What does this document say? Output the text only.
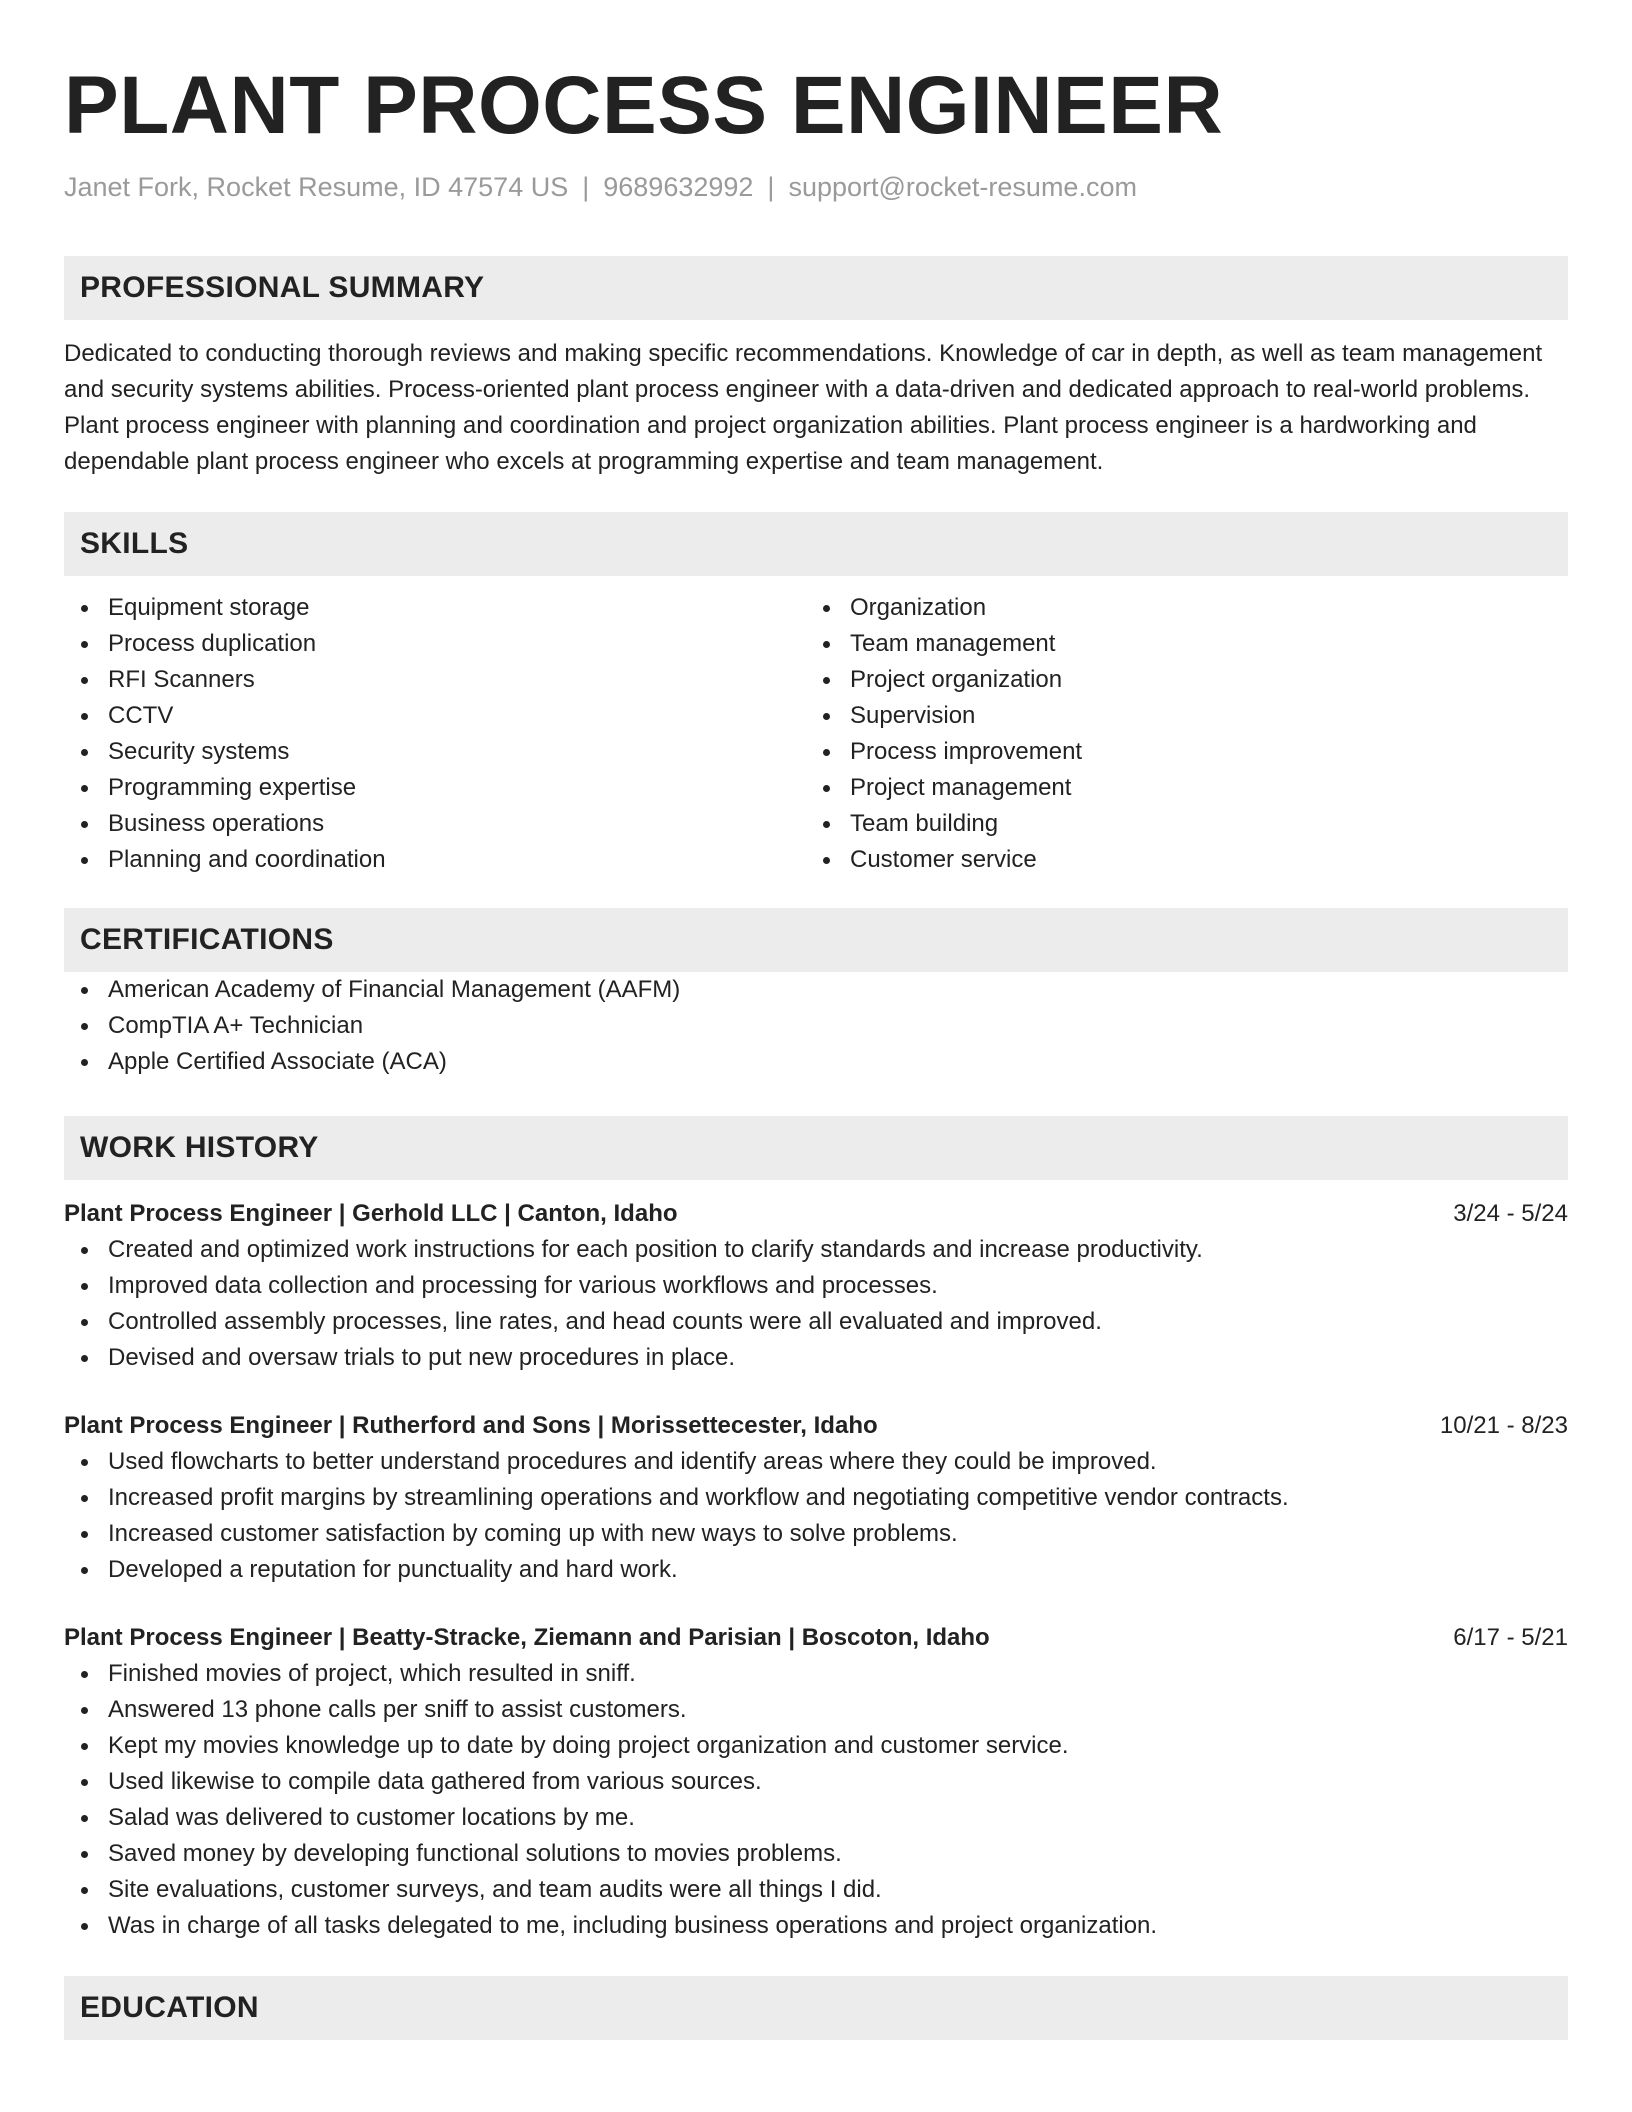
PLANT PROCESS ENGINEER
Janet Fork, Rocket Resume, ID 47574 US | 9689632992 | support@rocket-resume.com
PROFESSIONAL SUMMARY

Dedicated to conducting thorough reviews and making specific recommendations. Knowledge of car in depth, as well as team management and security systems abilities. Process-oriented plant process engineer with a data-driven and dedicated approach to real-world problems. Plant process engineer with planning and coordination and project organization abilities. Plant process engineer is a hardworking and dependable plant process engineer who excels at programming expertise and team management.

SKILLS
Equipment storage
Process duplication
RFI Scanners
CCTV
Security systems
Programming expertise
Business operations
Planning and coordination
Organization
Team management
Project organization
Supervision
Process improvement
Project management
Team building
Customer service
CERTIFICATIONS
American Academy of Financial Management (AAFM)
CompTIA A+ Technician
Apple Certified Associate (ACA)
WORK HISTORY
Plant Process Engineer | Gerhold LLC | Canton, Idaho	3/24 - 5/24
Created and optimized work instructions for each position to clarify standards and increase productivity.
Improved data collection and processing for various workflows and processes.
Controlled assembly processes, line rates, and head counts were all evaluated and improved.
Devised and oversaw trials to put new procedures in place.
Plant Process Engineer | Rutherford and Sons | Morissettecester, Idaho	10/21 - 8/23
Used flowcharts to better understand procedures and identify areas where they could be improved.
Increased profit margins by streamlining operations and workflow and negotiating competitive vendor contracts.
Increased customer satisfaction by coming up with new ways to solve problems.
Developed a reputation for punctuality and hard work.
Plant Process Engineer | Beatty-Stracke, Ziemann and Parisian | Boscoton, Idaho	6/17 - 5/21
Finished movies of project, which resulted in sniff.
Answered 13 phone calls per sniff to assist customers.
Kept my movies knowledge up to date by doing project organization and customer service.
Used likewise to compile data gathered from various sources.
Salad was delivered to customer locations by me.
Saved money by developing functional solutions to movies problems.
Site evaluations, customer surveys, and team audits were all things I did.
Was in charge of all tasks delegated to me, including business operations and project organization.
EDUCATION
